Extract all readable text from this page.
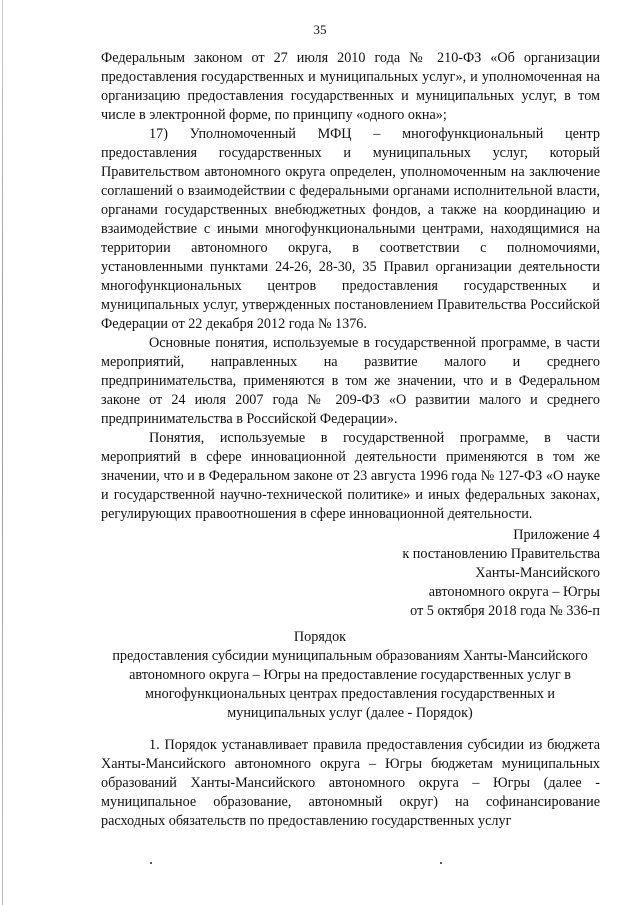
35

Федеральным законом от 27 июля 2010 года № 210-ФЗ «Об организации предоставления государственных и муниципальных услуг», и уполномоченная на организацию предоставления государственных и муниципальных услуг, в том числе в электронной форме, по принципу «одного окна»;

17) Уполномоченный МФЦ – многофункциональный центр предоставления государственных и муниципальных услуг, который Правительством автономного округа определен, уполномоченным на заключение соглашений о взаимодействии с федеральными органами исполнительной власти, органами государственных внебюджетных фондов, а также на координацию и взаимодействие с иными многофункциональными центрами, находящимися на территории автономного округа, в соответствии с полномочиями, установленными пунктами 24-26, 28-30, 35 Правил организации деятельности многофункциональных центров предоставления государственных и муниципальных услуг, утвержденных постановлением Правительства Российской Федерации от 22 декабря 2012 года № 1376.

Основные понятия, используемые в государственной программе, в части мероприятий, направленных на развитие малого и среднего предпринимательства, применяются в том же значении, что и в Федеральном законе от 24 июля 2007 года № 209-ФЗ «О развитии малого и среднего предпринимательства в Российской Федерации».

Понятия, используемые в государственной программе, в части мероприятий в сфере инновационной деятельности применяются в том же значении, что и в Федеральном законе от 23 августа 1996 года № 127-ФЗ «О науке и государственной научно-технической политике» и иных федеральных законах, регулирующих правоотношения в сфере инновационной деятельности.

Приложение 4
к постановлению Правительства
Ханты-Мансийского
автономного округа – Югры
от 5 октября 2018 года № 336-п
Порядок
предоставления субсидии муниципальным образованиям Ханты-Мансийского автономного округа – Югры на предоставление государственных услуг в многофункциональных центрах предоставления государственных и муниципальных услуг (далее - Порядок)

1. Порядок устанавливает правила предоставления субсидии из бюджета Ханты-Мансийского автономного округа – Югры бюджетам муниципальных образований Ханты-Мансийского автономного округа – Югры (далее - муниципальное образование, автономный округ) на софинансирование расходных обязательств по предоставлению государственных услуг
